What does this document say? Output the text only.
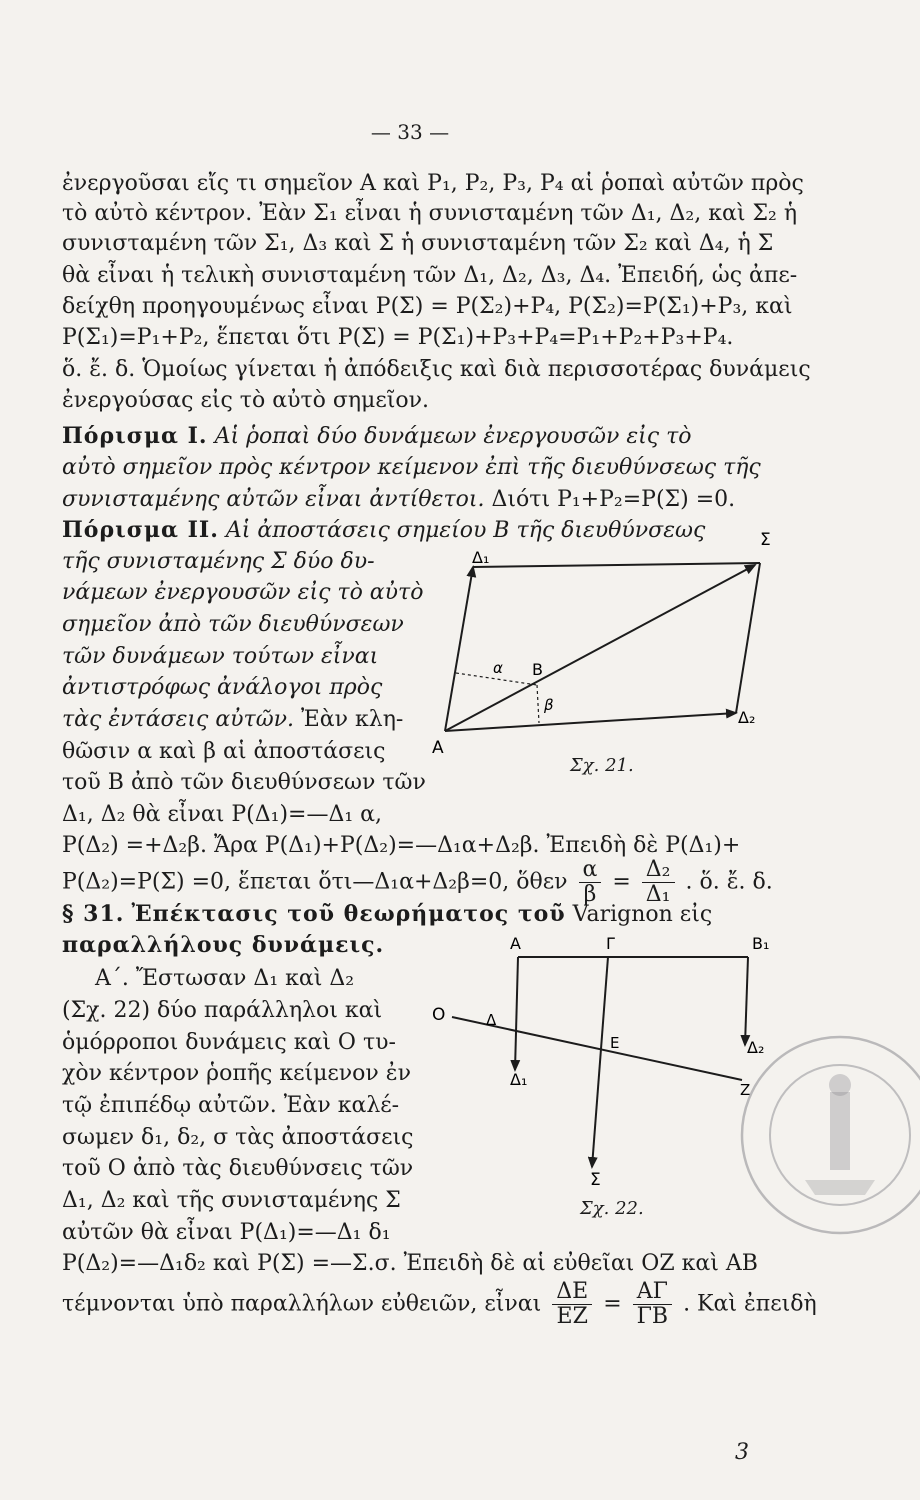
— 33 —
ἐνεργοῦσαι εἴς τι σημεῖον A καὶ P₁, P₂, P₃, P₄ αἱ ῥοπαὶ αὐτῶν πρὸς
τὸ αὐτὸ κέντρον. Ἐὰν Σ₁ εἶναι ἡ συνισταμένη τῶν Δ₁, Δ₂, καὶ Σ₂ ἡ
συνισταμένη τῶν Σ₁, Δ₃ καὶ Σ ἡ συνισταμένη τῶν Σ₂ καὶ Δ₄, ἡ Σ
θὰ εἶναι ἡ τελικὴ συνισταμένη τῶν Δ₁, Δ₂, Δ₃, Δ₄. Ἐπειδή, ὡς ἀπε-
δείχθη προηγουμένως εἶναι P(Σ) = P(Σ₂)+P₄, P(Σ₂)=P(Σ₁)+P₃, καὶ
P(Σ₁)=P₁+P₂, ἕπεται ὅτι P(Σ) = P(Σ₁)+P₃+P₄=P₁+P₂+P₃+P₄.
ὅ. ἔ. δ. Ὁμοίως γίνεται ἡ ἀπόδειξις καὶ διὰ περισσοτέρας δυνάμεις
ἐνεργούσας εἰς τὸ αὐτὸ σημεῖον.
Πόρισμα I. Αἱ ῥοπαὶ δύο δυνάμεων ἐνεργουσῶν εἰς τὸ
αὐτὸ σημεῖον πρὸς κέντρον κείμενον ἐπὶ τῆς διευθύνσεως τῆς
συνισταμένης αὐτῶν εἶναι ἀντίθετοι. Διότι P₁+P₂=P(Σ) =0.
Πόρισμα II. Αἱ ἀποστάσεις σημείου B τῆς διευθύνσεως
τῆς συνισταμένης Σ δύο δυ-
νάμεων ἐνεργουσῶν εἰς τὸ αὐτὸ
σημεῖον ἀπὸ τῶν διευθύνσεων
τῶν δυνάμεων τούτων εἶναι
ἀντιστρόφως ἀνάλογοι πρὸς
τὰς ἐντάσεις αὐτῶν. Ἐὰν κλη-
θῶσιν α καὶ β αἱ ἀποστάσεις
τοῦ B ἀπὸ τῶν διευθύνσεων τῶν
Δ₁, Δ₂ θὰ εἶναι P(Δ₁)=—Δ₁ α,
P(Δ₂) =+Δ₂β. Ἄρα P(Δ₁)+P(Δ₂)=—Δ₁α+Δ₂β. Ἐπειδὴ δὲ P(Δ₁)+
P(Δ₂)=P(Σ) =0, ἕπεται ὅτι—Δ₁α+Δ₂β=0, ὅθεν $\frac{\alpha}{\beta} = \frac{\text{Δ₂}}{\text{Δ₁}}$ . ὅ. ἔ. δ.
Δ₁
Σ
A
Δ₂
B
α
β
Σχ. 21.
§ 31. Ἐπέκτασις τοῦ θεωρήματος τοῦ Varignon εἰς
παραλλήλους δυνάμεις.
Α΄. Ἔστωσαν Δ₁ καὶ Δ₂
(Σχ. 22) δύο παράλληλοι καὶ
ὁμόρροποι δυνάμεις καὶ O τυ-
χὸν κέντρον ῥοπῆς κείμενον ἐν
τῷ ἐπιπέδῳ αὐτῶν. Ἐὰν καλέ-
σωμεν δ₁, δ₂, σ τὰς ἀποστάσεις
τοῦ O ἀπὸ τὰς διευθύνσεις τῶν
Δ₁, Δ₂ καὶ τῆς συνισταμένης Σ
αὐτῶν θὰ εἶναι P(Δ₁)=—Δ₁ δ₁
P(Δ₂)=—Δ₁δ₂ καὶ P(Σ) =—Σ.σ. Ἐπειδὴ δὲ αἱ εὐθεῖαι OZ καὶ AB
τέμνονται ὑπὸ παραλλήλων εὐθειῶν, εἶναι $\frac{\Delta E}{EZ} = \frac{A\Gamma}{\Gamma B}$ . Καὶ ἐπειδὴ
A	Γ	B₁
O	Δ
Δ₁
E	Δ₂
Z
Σ
Σχ. 22.
3
